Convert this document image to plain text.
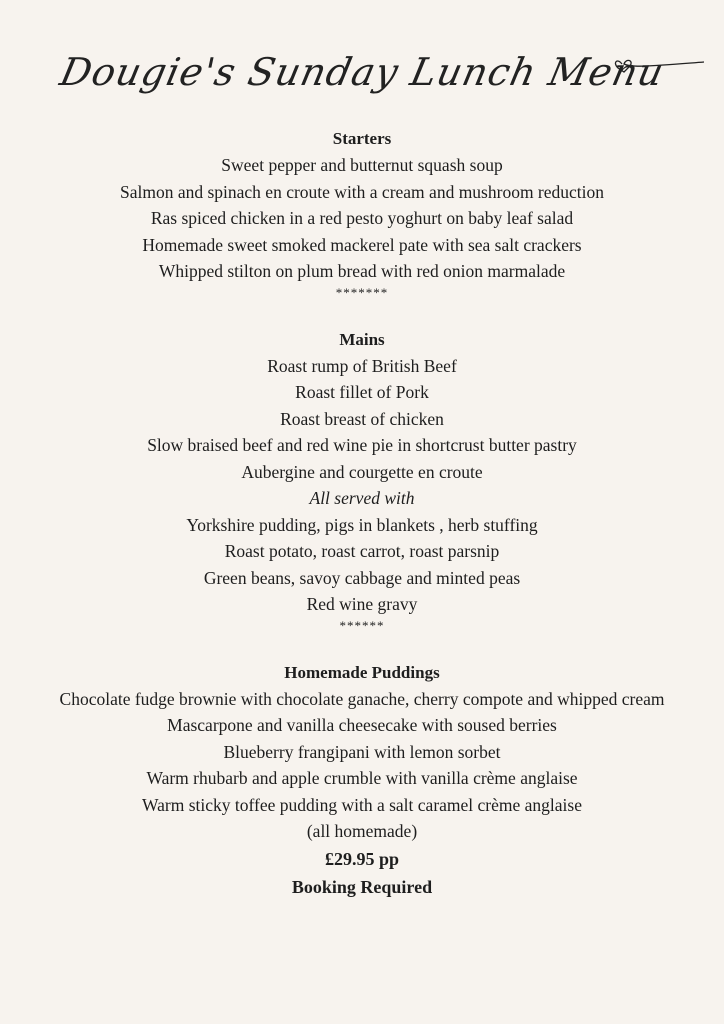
Dougie's Sunday Lunch Menu
Starters

Sweet pepper and butternut squash soup

Salmon and spinach en croute with a cream and mushroom reduction

Ras spiced chicken in a red pesto yoghurt on baby leaf salad

Homemade sweet smoked mackerel pate with sea salt crackers

Whipped stilton on plum bread with red onion marmalade

*******

Mains

Roast rump of British Beef

Roast fillet of Pork

Roast breast of chicken

Slow braised beef and red wine pie in shortcrust butter pastry

Aubergine and courgette en croute

All served with

Yorkshire pudding, pigs in blankets , herb stuffing

Roast potato, roast carrot, roast parsnip

Green beans, savoy cabbage and minted peas

Red wine gravy

******

Homemade Puddings

Chocolate fudge brownie with chocolate ganache, cherry compote and whipped cream

Mascarpone and vanilla cheesecake with soused berries

Blueberry frangipani with lemon sorbet

Warm rhubarb and apple crumble with vanilla crème anglaise

Warm sticky toffee pudding with a salt caramel crème anglaise

(all homemade)

£29.95 pp

Booking Required
